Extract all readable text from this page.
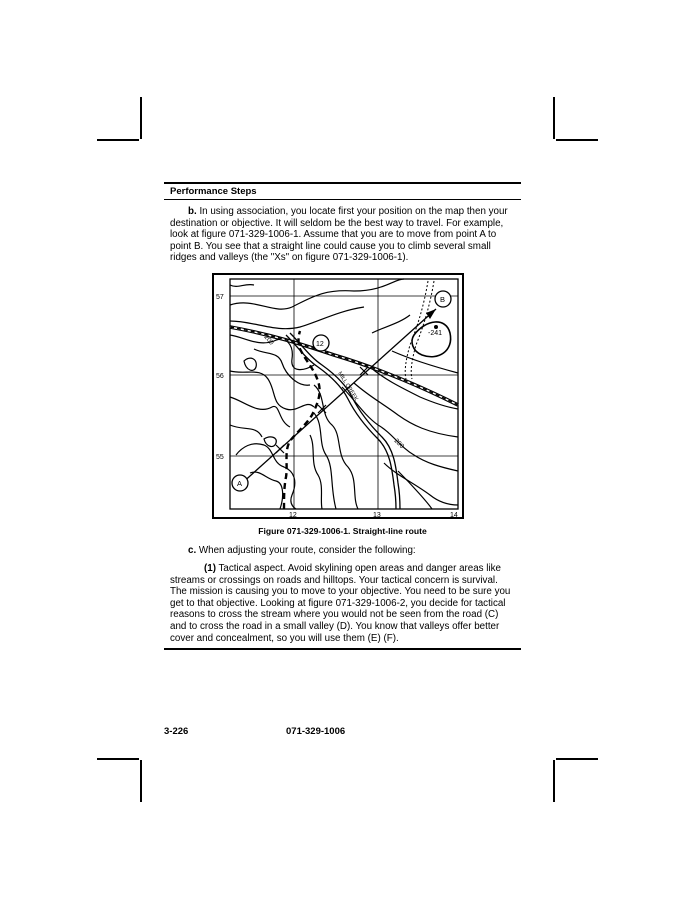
Performance Steps

b. In using association, you locate first your position on the map then your destination or objective. It will seldom be the best way to travel. For example, look at figure 071-329-1006-1. Assume that you are to move from point A to point B. You see that a straight line could cause you to climb several small ridges and valleys (the "Xs" on figure 071-329-1006-1).

57
56
55
12	13	14
A
B
12
-241
200
200
MILL CREEK
Figure 071-329-1006-1. Straight-line route

c. When adjusting your route, consider the following:

(1) Tactical aspect. Avoid skylining open areas and danger areas like streams or crossings on roads and hilltops. Your tactical concern is survival. The mission is causing you to move to your objective. You need to be sure you get to that objective. Looking at figure 071-329-1006-2, you decide for tactical reasons to cross the stream where you would not be seen from the road (C) and to cross the road in a small valley (D). You know that valleys offer better cover and concealment, so you will use them (E) (F).

3-226	071-329-1006
